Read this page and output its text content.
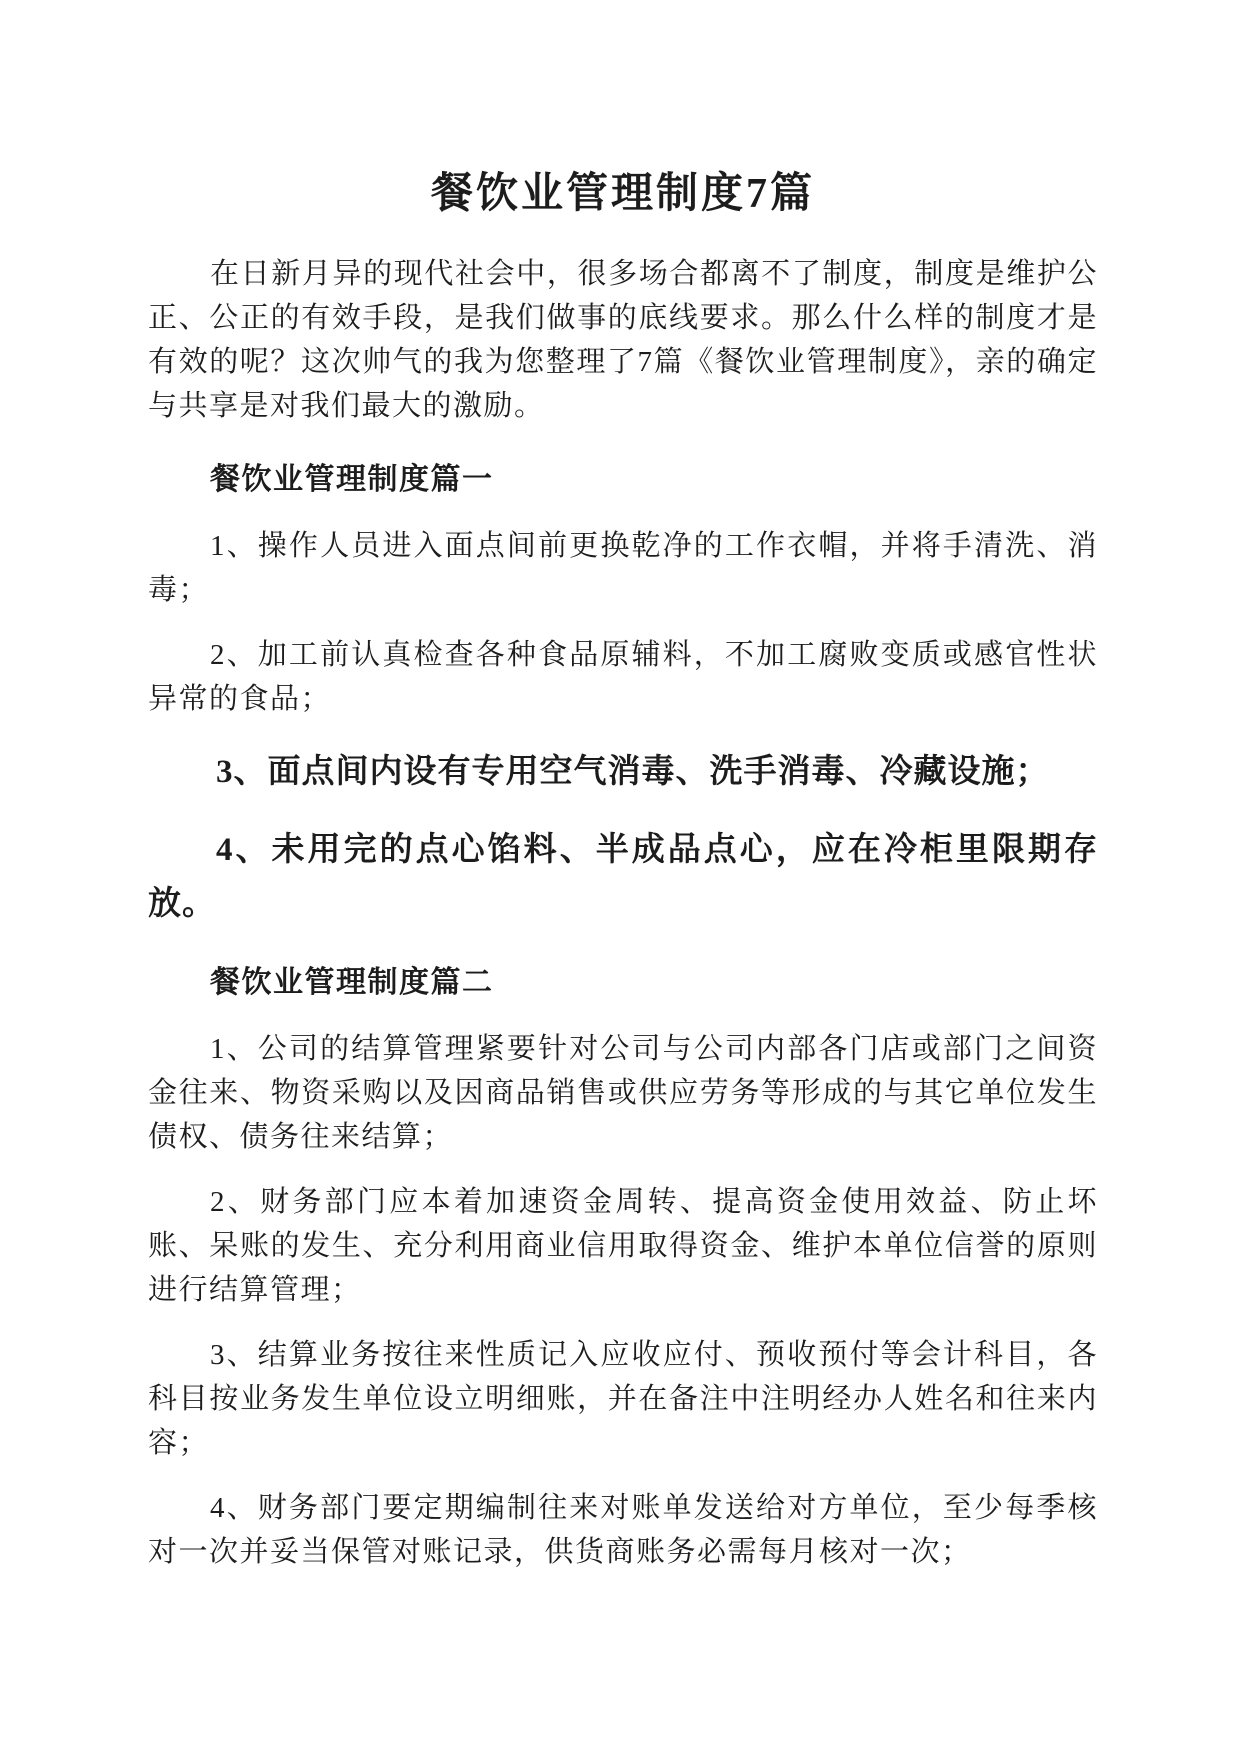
餐饮业管理制度7篇

在日新月异的现代社会中，很多场合都离不了制度，制度是维护公正、公正的有效手段，是我们做事的底线要求。那么什么样的制度才是有效的呢？这次帅气的我为您整理了7篇《餐饮业管理制度》，亲的确定与共享是对我们最大的激励。

餐饮业管理制度篇一

1、操作人员进入面点间前更换乾净的工作衣帽，并将手清洗、消毒；

2、加工前认真检查各种食品原辅料，不加工腐败变质或感官性状异常的食品；

3、面点间内设有专用空气消毒、洗手消毒、冷藏设施；

4、未用完的点心馅料、半成品点心，应在冷柜里限期存放。

餐饮业管理制度篇二

1、公司的结算管理紧要针对公司与公司内部各门店或部门之间资金往来、物资采购以及因商品销售或供应劳务等形成的与其它单位发生债权、债务往来结算；

2、财务部门应本着加速资金周转、提高资金使用效益、防止坏账、呆账的发生、充分利用商业信用取得资金、维护本单位信誉的原则进行结算管理；

3、结算业务按往来性质记入应收应付、预收预付等会计科目，各科目按业务发生单位设立明细账，并在备注中注明经办人姓名和往来内容；

4、财务部门要定期编制往来对账单发送给对方单位，至少每季核对一次并妥当保管对账记录，供货商账务必需每月核对一次；
